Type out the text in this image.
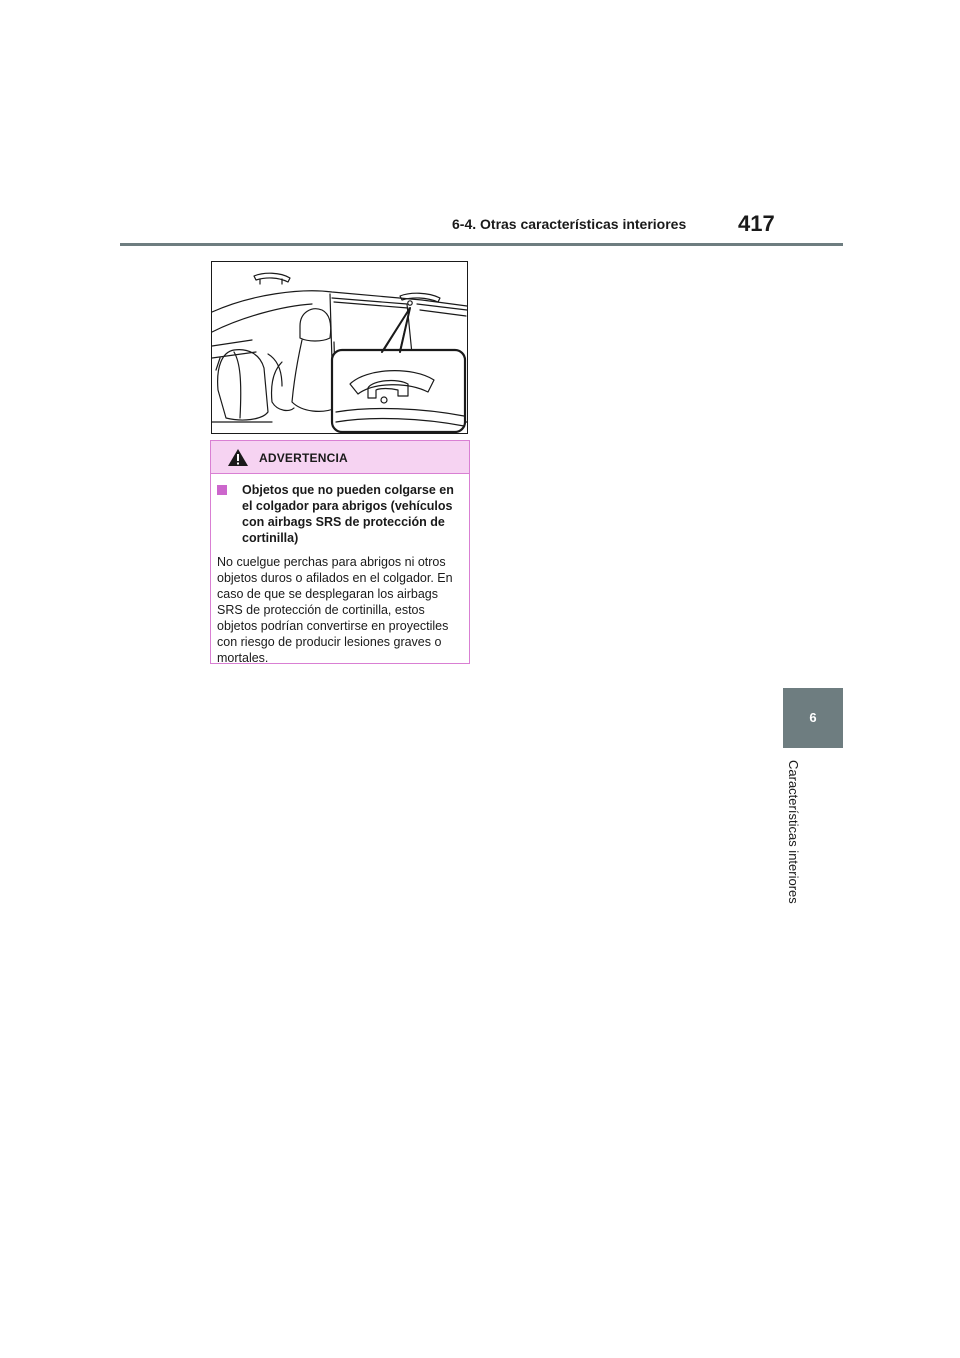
6-4. Otras características interiores 417
6
Características interiores
ADVERTENCIA
Objetos que no pueden colgarse en el colgador para abrigos (vehículos con airbags SRS de protección de cortinilla)
No cuelgue perchas para abrigos ni otros objetos duros o afilados en el colgador. En caso de que se desplegaran los airbags SRS de protección de cortinilla, estos objetos podrían convertirse en proyectiles con riesgo de producir lesiones graves o mortales.
